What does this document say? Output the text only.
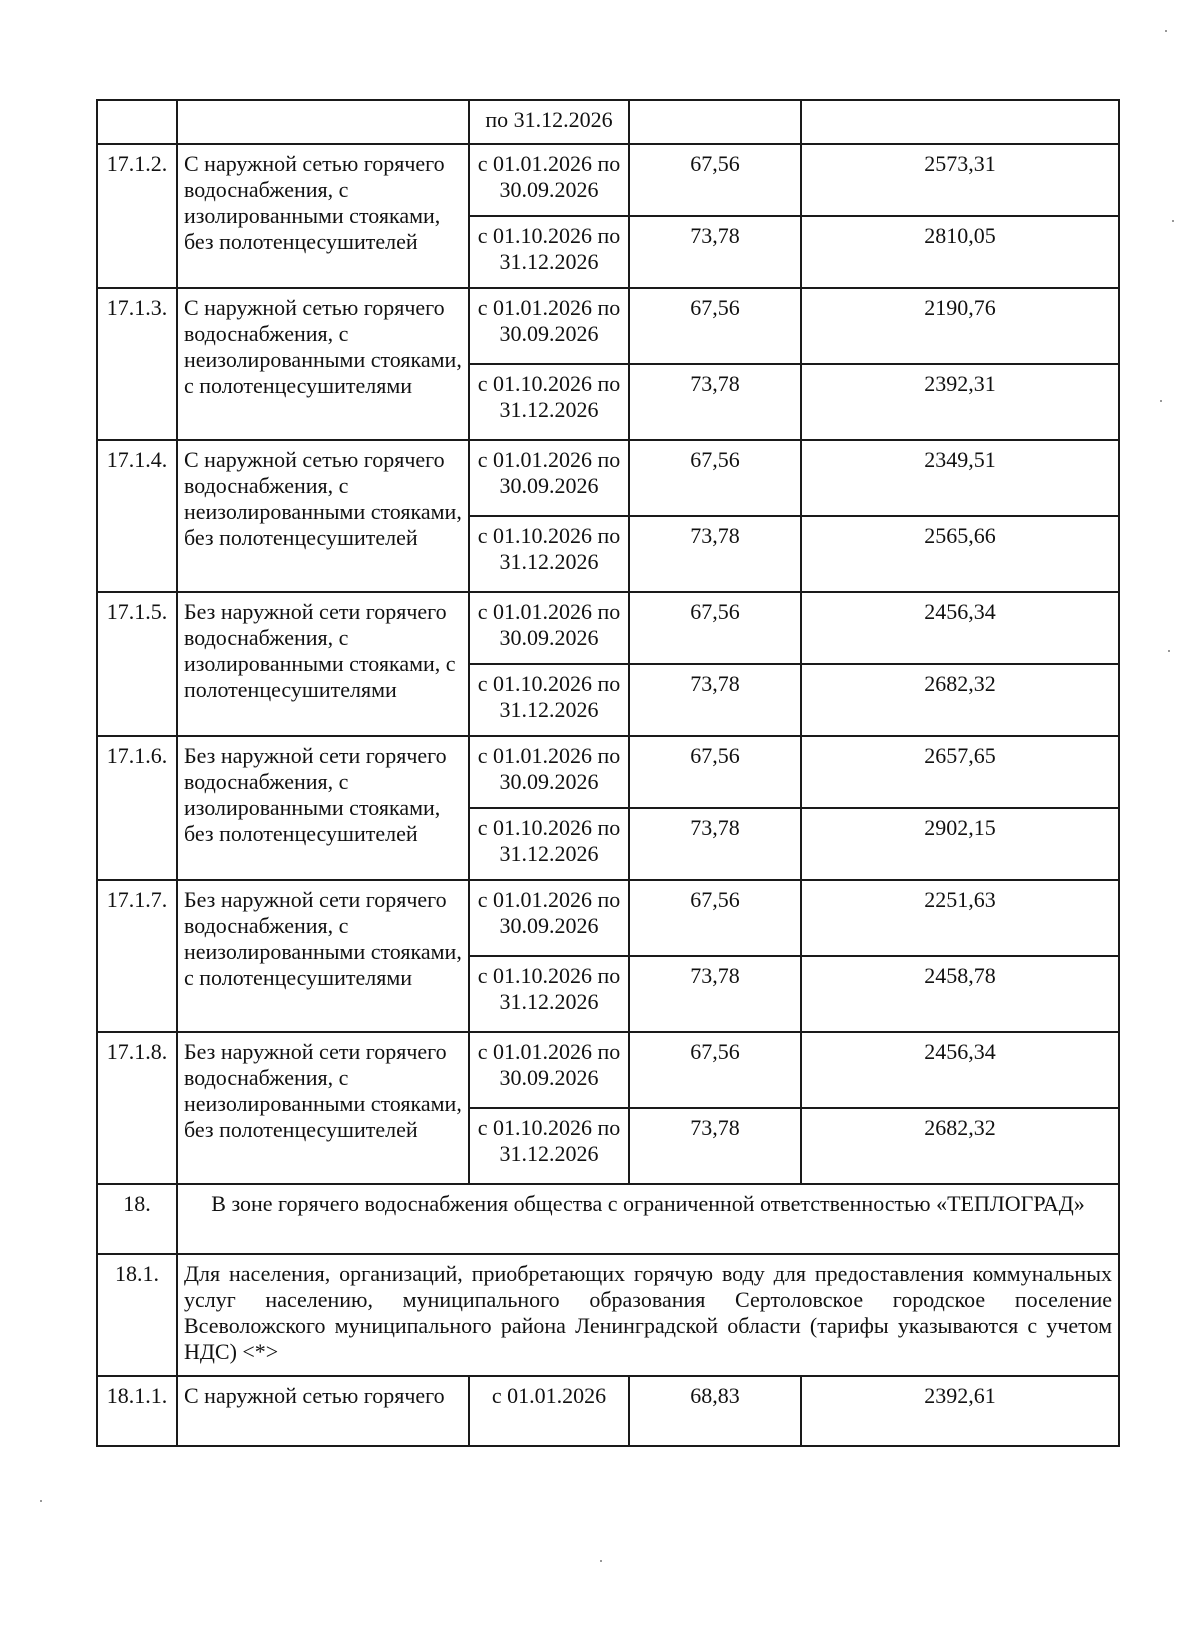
		по 31.12.2026		
17.1.2.	С наружной сетью горячего водоснабжения, с изолированными стояками, без полотенцесушителей	с 01.01.2026 по 30.09.2026	67,56	2573,31
		с 01.10.2026 по 31.12.2026	73,78	2810,05
17.1.3.	С наружной сетью горячего водоснабжения, с неизолированными стояками, с полотенцесушителями	с 01.01.2026 по 30.09.2026	67,56	2190,76
		с 01.10.2026 по 31.12.2026	73,78	2392,31
17.1.4.	С наружной сетью горячего водоснабжения, с неизолированными стояками, без полотенцесушителей	с 01.01.2026 по 30.09.2026	67,56	2349,51
		с 01.10.2026 по 31.12.2026	73,78	2565,66
17.1.5.	Без наружной сети горячего водоснабжения, с изолированными стояками, с полотенцесушителями	с 01.01.2026 по 30.09.2026	67,56	2456,34
		с 01.10.2026 по 31.12.2026	73,78	2682,32
17.1.6.	Без наружной сети горячего водоснабжения, с изолированными стояками, без полотенцесушителей	с 01.01.2026 по 30.09.2026	67,56	2657,65
		с 01.10.2026 по 31.12.2026	73,78	2902,15
17.1.7.	Без наружной сети горячего водоснабжения, с неизолированными стояками, с полотенцесушителями	с 01.01.2026 по 30.09.2026	67,56	2251,63
		с 01.10.2026 по 31.12.2026	73,78	2458,78
17.1.8.	Без наружной сети горячего водоснабжения, с неизолированными стояками, без полотенцесушителей	с 01.01.2026 по 30.09.2026	67,56	2456,34
		с 01.10.2026 по 31.12.2026	73,78	2682,32
18.	В зоне горячего водоснабжения общества с ограниченной ответственностью «ТЕПЛОГРАД»			
18.1.	Для населения, организаций, приобретающих горячую воду для предоставления коммунальных услуг населению, муниципального образования Сертоловское городское поселение Всеволожского муниципального района Ленинградской области (тарифы указываются с учетом НДС) <*>			
18.1.1.	С наружной сетью горячего	с 01.01.2026	68,83	2392,61
